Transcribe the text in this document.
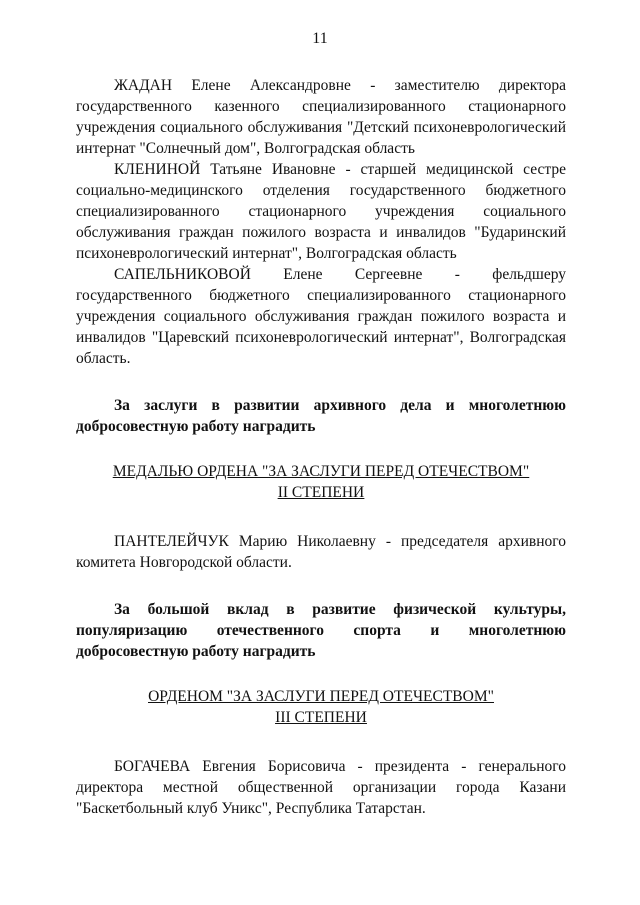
11

ЖАДАН Елене Александровне - заместителю директора государственного казенного специализированного стационарного учреждения социального обслуживания "Детский психоневрологический интернат "Солнечный дом", Волгоградская область

КЛЕНИНОЙ Татьяне Ивановне - старшей медицинской сестре социально-медицинского отделения государственного бюджетного специализированного стационарного учреждения социального обслуживания граждан пожилого возраста и инвалидов "Бударинский психоневрологический интернат", Волгоградская область

САПЕЛЬНИКОВОЙ Елене Сергеевне - фельдшеру государственного бюджетного специализированного стационарного учреждения социального обслуживания граждан пожилого возраста и инвалидов "Царевский психоневрологический интернат", Волгоградская область.

За заслуги в развитии архивного дела и многолетнюю добросовестную работу наградить

МЕДАЛЬЮ ОРДЕНА "ЗА ЗАСЛУГИ ПЕРЕД ОТЕЧЕСТВОМ"
II СТЕПЕНИ

ПАНТЕЛЕЙЧУК Марию Николаевну - председателя архивного комитета Новгородской области.

За большой вклад в развитие физической культуры, популяризацию отечественного спорта и многолетнюю добросовестную работу наградить

ОРДЕНОМ "ЗА ЗАСЛУГИ ПЕРЕД ОТЕЧЕСТВОМ"
III СТЕПЕНИ

БОГАЧЕВА Евгения Борисовича - президента - генерального директора местной общественной организации города Казани "Баскетбольный клуб Уникс", Республика Татарстан.
